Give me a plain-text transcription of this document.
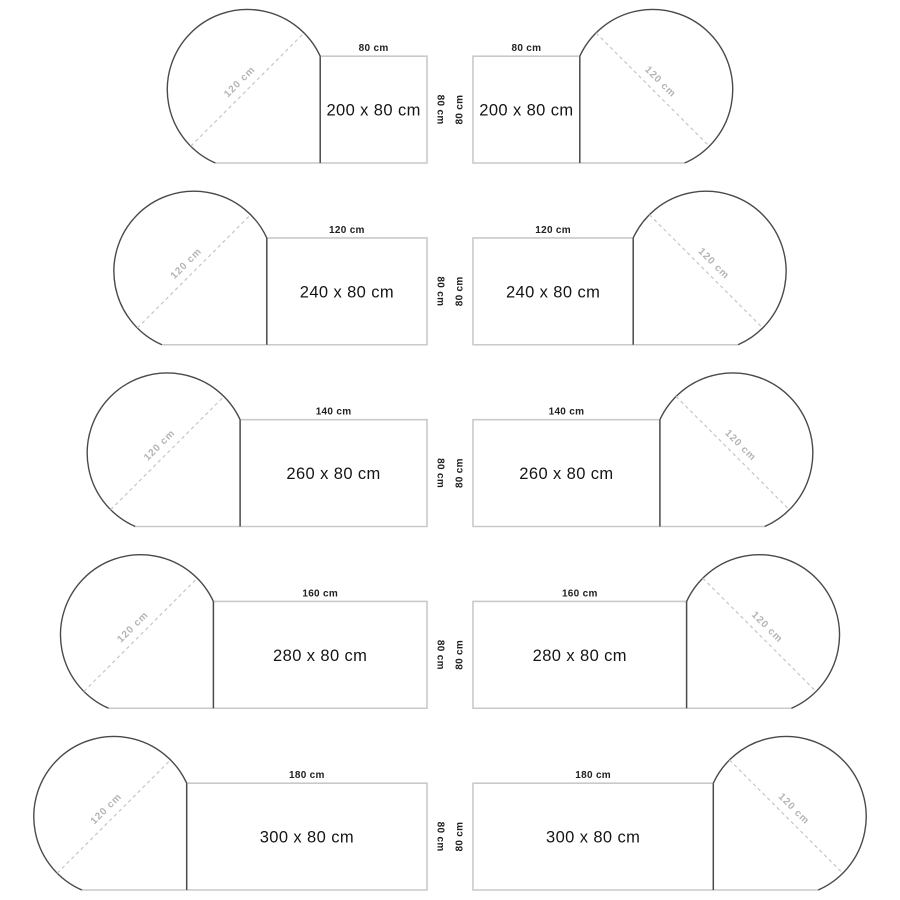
120 cm
80 cm
80 cm
200 x 80 cm
120 cm
80 cm
80 cm 200 x 80 cm
120 cm
120 cm
80 cm
240 x 80 cm
120 cm
120 cm
80 cm 240 x 80 cm
120 cm
140 cm
80 cm
260 x 80 cm
120 cm
140 cm
80 cm	260 x 80 cm
120 cm
160 cm
80 cm
280 x 80 cm
120 cm
160 cm
80 cm	280 x 80 cm
120 cm
180 cm
80 cm
300 x 80 cm
120 cm
180 cm
80 cm	300 x 80 cm
